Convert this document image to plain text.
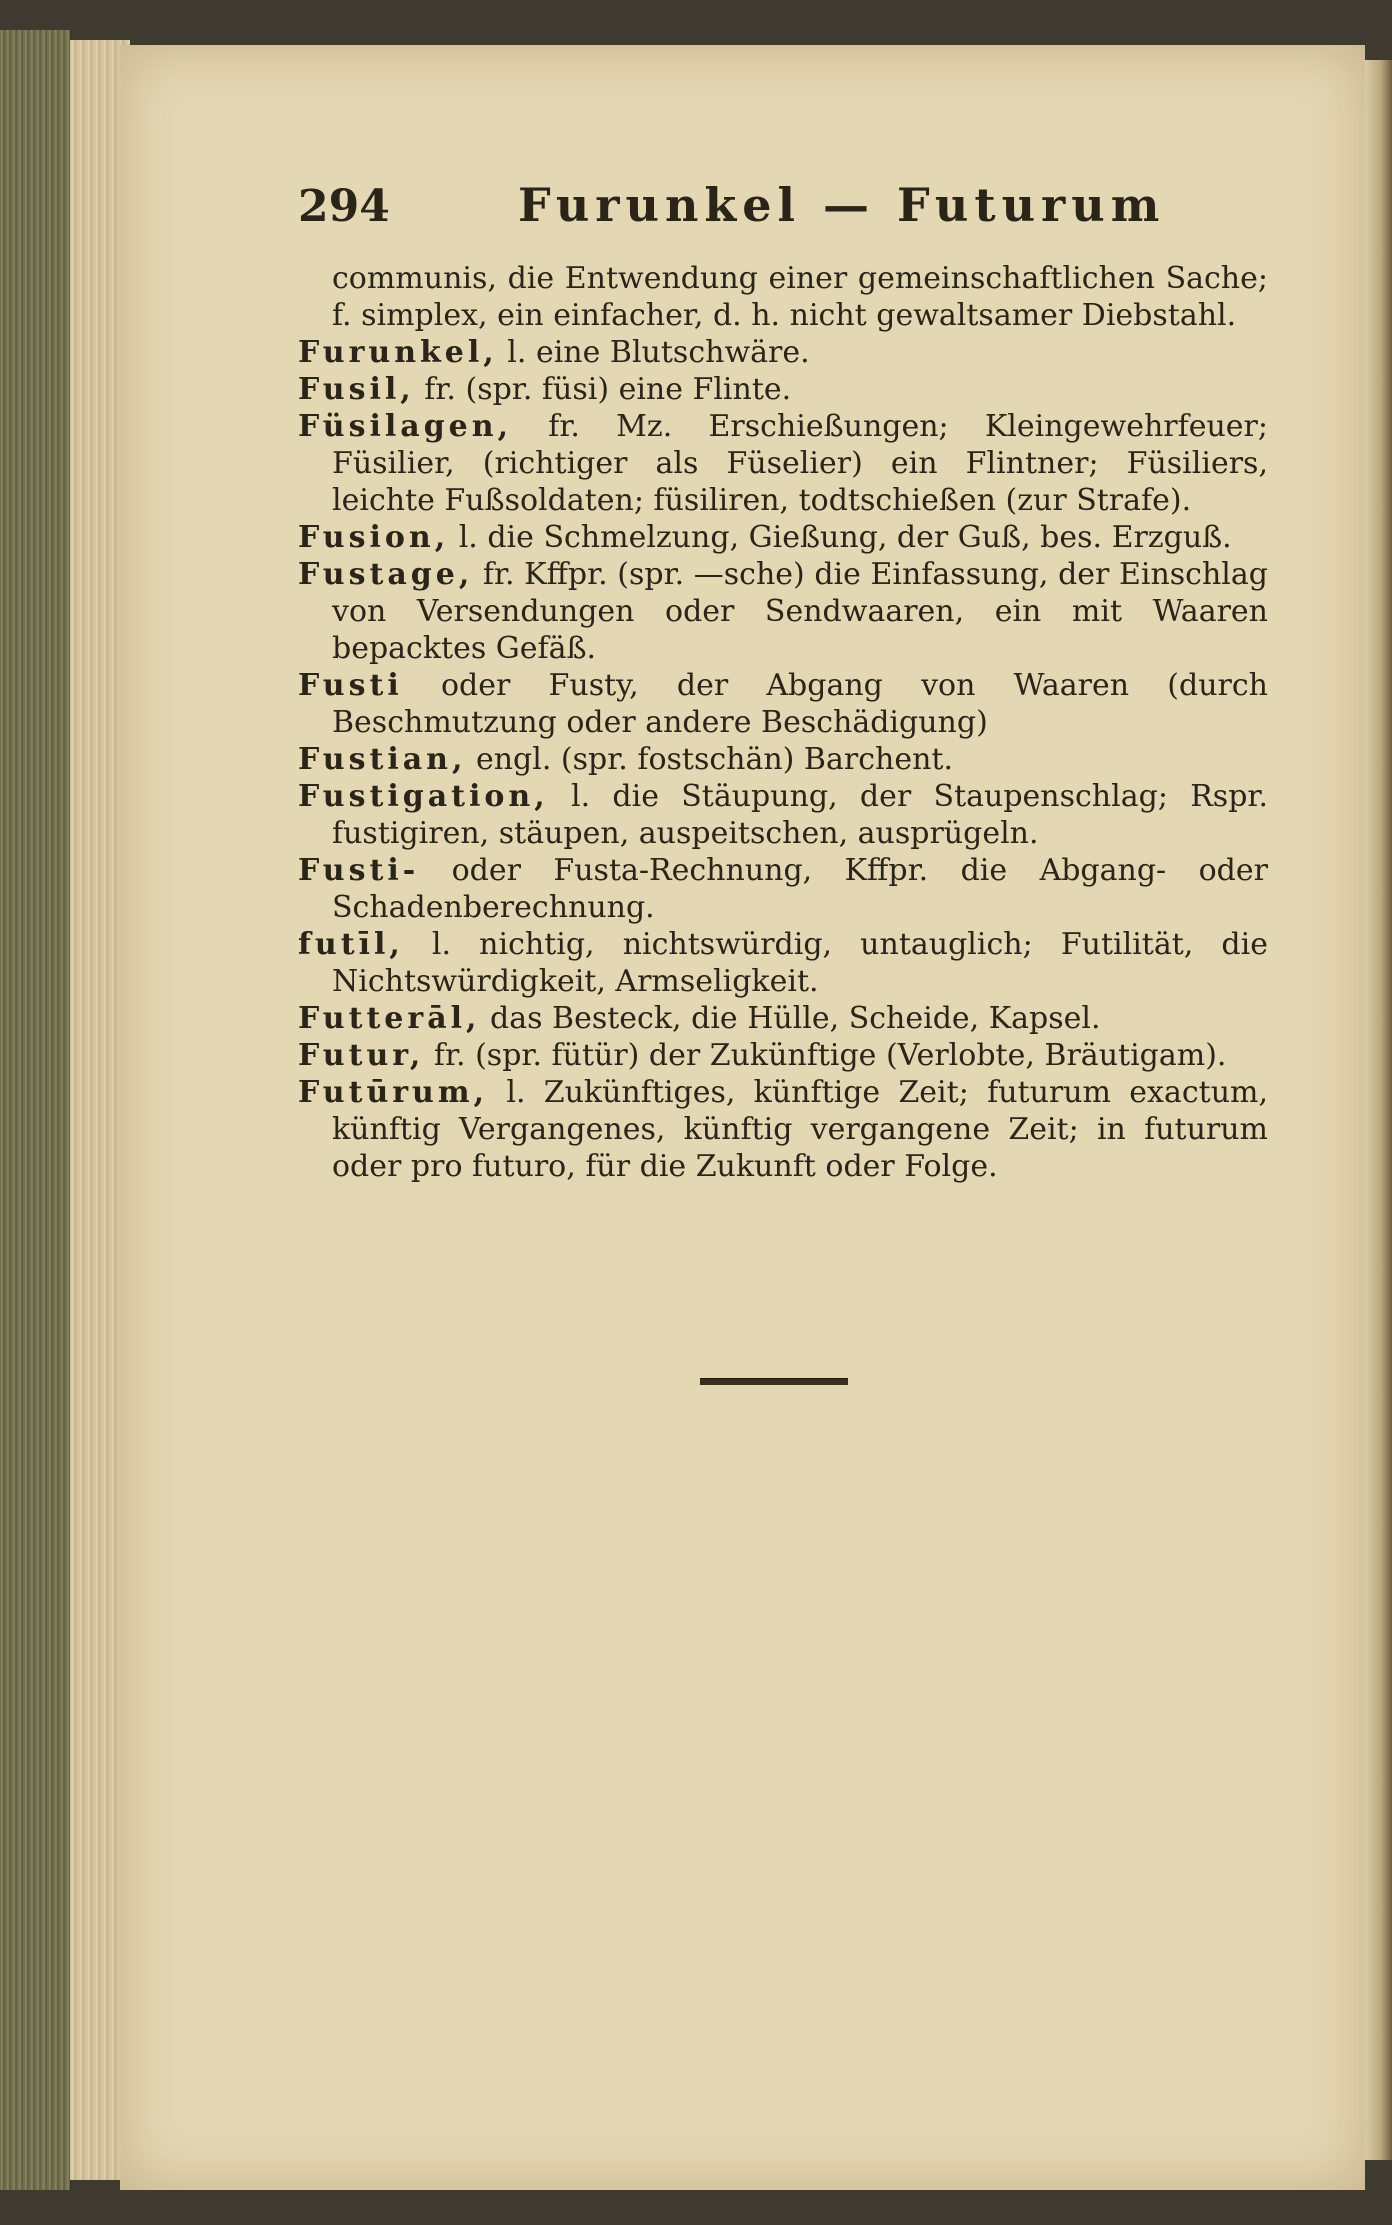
294	Furunkel — Futurum

communis, die Entwendung einer gemeinschaftlichen Sache; f. simplex, ein einfacher, d. h. nicht gewaltsamer Diebstahl.

Furunkel, l. eine Blutschwäre.

Fusil, fr. (spr. füsi) eine Flinte.

Füsilagen, fr. Mz. Erschießungen; Kleingewehrfeuer; Füsilier, (richtiger als Füselier) ein Flintner; Füsiliers, leichte Fußsoldaten; füsiliren, todtschießen (zur Strafe).

Fusion, l. die Schmelzung, Gießung, der Guß, bes. Erzguß.

Fustage, fr. Kffpr. (spr. —sche) die Einfassung, der Einschlag von Versendungen oder Sendwaaren, ein mit Waaren bepacktes Gefäß.

Fusti oder Fusty, der Abgang von Waaren (durch Beschmutzung oder andere Beschädigung)

Fustian, engl. (spr. fostschän) Barchent.

Fustigation, l. die Stäupung, der Staupenschlag; Rspr. fustigiren, stäupen, auspeitschen, ausprügeln.

Fusti- oder Fusta-Rechnung, Kffpr. die Abgang- oder Schadenberechnung.

futīl, l. nichtig, nichtswürdig, untauglich; Futilität, die Nichtswürdigkeit, Armseligkeit.

Futterāl, das Besteck, die Hülle, Scheide, Kapsel.

Futur, fr. (spr. fütür) der Zukünftige (Verlobte, Bräutigam).

Futūrum, l. Zukünftiges, künftige Zeit; futurum exactum, künftig Vergangenes, künftig vergangene Zeit; in futurum oder pro futuro, für die Zukunft oder Folge.
